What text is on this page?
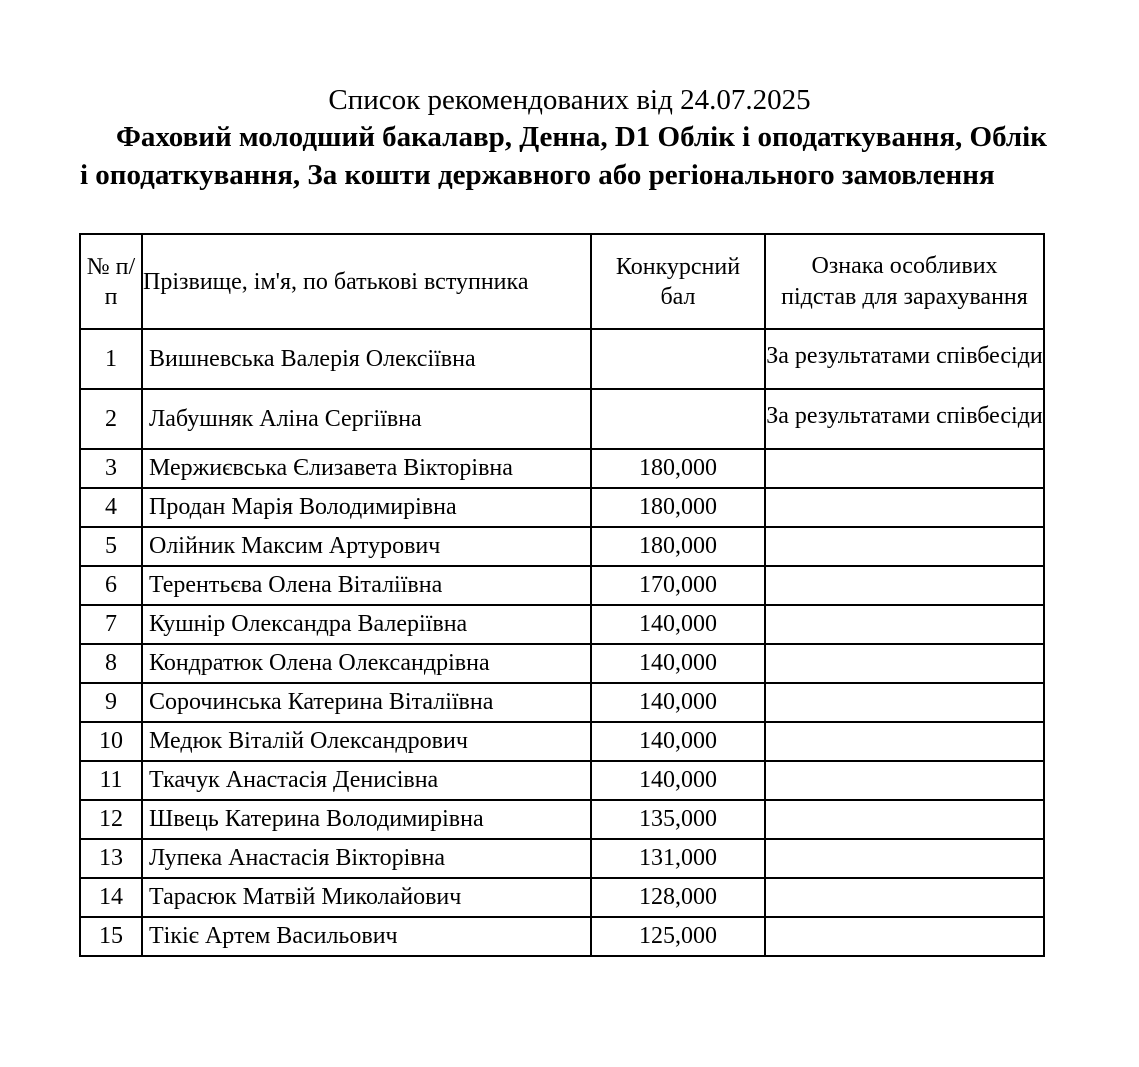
Список рекомендованих від 24.07.2025
Фаховий молодший бакалавр, Денна, D1 Облік і оподаткування, Облік і оподаткування, За кошти державного або регіонального замовлення
№ п/п	Прізвище, ім'я, по батькові вступника	Конкурсний бал	Ознака особливих підстав для зарахування
1	Вишневська Валерія Олексіївна		За результатами співбесіди

2	Лабушняк Аліна Сергіївна		За результатами співбесіди

3	Мержиєвська Єлизавета Вікторівна	180,000	
4	Продан Марія Володимирівна	180,000	
5	Олійник Максим Артурович	180,000	
6	Терентьєва Олена Віталіївна	170,000	
7	Кушнір Олександра Валеріївна	140,000	
8	Кондратюк Олена Олександрівна	140,000	
9	Сорочинська Катерина Віталіївна	140,000	
10	Медюк Віталій Олександрович	140,000	
11	Ткачук Анастасія Денисівна	140,000	
12	Швець Катерина Володимирівна	135,000	
13	Лупека Анастасія Вікторівна	131,000	
14	Тарасюк Матвій Миколайович	128,000	
15	Тікіє Артем Васильович	125,000	
